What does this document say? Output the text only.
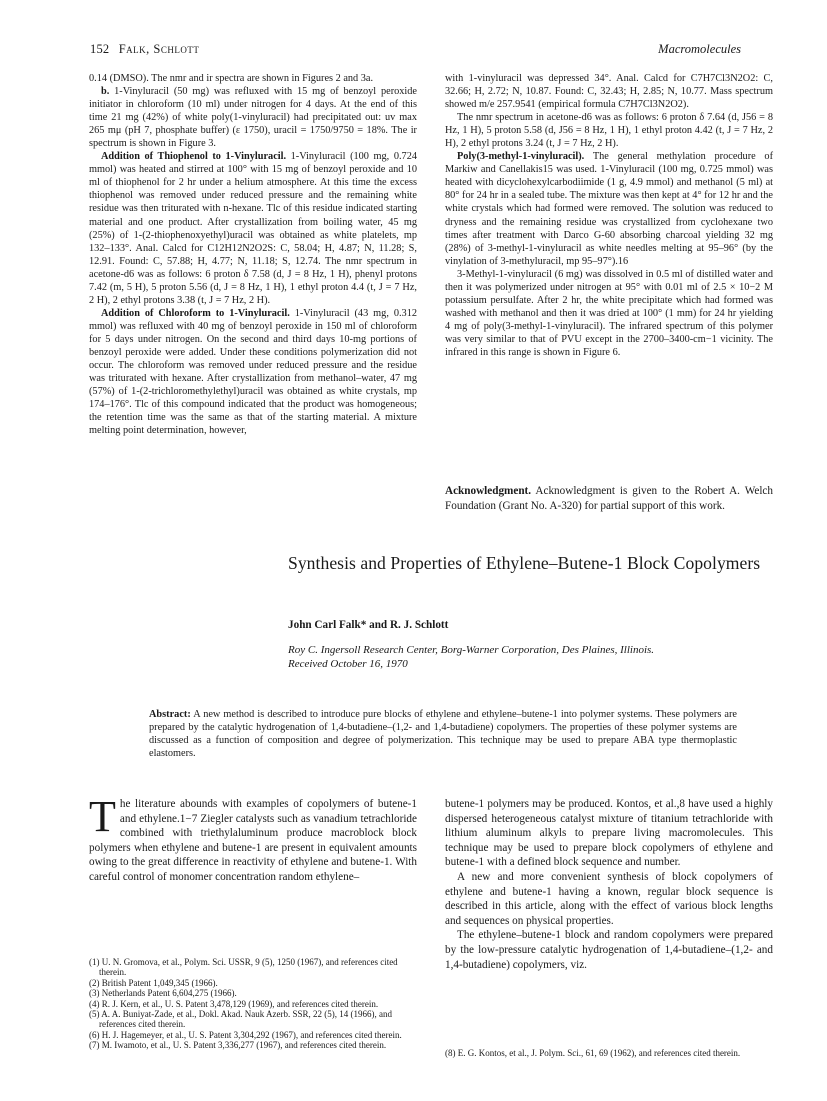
152 Falk, Schlott	Macromolecules

0.14 (DMSO). The nmr and ir spectra are shown in Figures 2 and 3a.

b. 1-Vinyluracil (50 mg) was refluxed with 15 mg of benzoyl peroxide initiator in chloroform (10 ml) under nitrogen for 4 days. At the end of this time 21 mg (42%) of white poly(1-vinyluracil) had precipitated out: uv max 265 mμ (pH 7, phosphate buffer) (ε 1750), uracil = 1750/9750 = 18%. The ir spectrum is shown in Figure 3.

Addition of Thiophenol to 1-Vinyluracil. 1-Vinyluracil (100 mg, 0.724 mmol) was heated and stirred at 100° with 15 mg of benzoyl peroxide and 10 ml of thiophenol for 2 hr under a helium atmosphere. At this time the excess thiophenol was removed under reduced pressure and the remaining white residue was then triturated with n-hexane. Tlc of this residue indicated starting material and one product. After crystallization from boiling water, 45 mg (25%) of 1-(2-thiophenoxyethyl)uracil was obtained as white platelets, mp 132–133°. Anal. Calcd for C12H12N2O2S: C, 58.04; H, 4.87; N, 11.28; S, 12.91. Found: C, 57.88; H, 4.77; N, 11.18; S, 12.74. The nmr spectrum in acetone-d6 was as follows: 6 proton δ 7.58 (d, J = 8 Hz, 1 H), phenyl protons 7.42 (m, 5 H), 5 proton 5.56 (d, J = 8 Hz, 1 H), 1 ethyl proton 4.4 (t, J = 7 Hz, 2 H), 2 ethyl protons 3.38 (t, J = 7 Hz, 2 H).

Addition of Chloroform to 1-Vinyluracil. 1-Vinyluracil (43 mg, 0.312 mmol) was refluxed with 40 mg of benzoyl peroxide in 150 ml of chloroform for 5 days under nitrogen. On the second and third days 10-mg portions of benzoyl peroxide were added. Under these conditions polymerization did not occur. The chloroform was removed under reduced pressure and the residue was triturated with hexane. After crystallization from methanol–water, 47 mg (57%) of 1-(2-trichloromethylethyl)uracil was obtained as white crystals, mp 174–176°. Tlc of this compound indicated that the product was homogeneous; the retention time was the same as that of the starting material. A mixture melting point determination, however,

with 1-vinyluracil was depressed 34°. Anal. Calcd for C7H7Cl3N2O2: C, 32.66; H, 2.72; N, 10.87. Found: C, 32.43; H, 2.85; N, 10.77. Mass spectrum showed m/e 257.9541 (empirical formula C7H7Cl3N2O2).

The nmr spectrum in acetone-d6 was as follows: 6 proton δ 7.64 (d, J56 = 8 Hz, 1 H), 5 proton 5.58 (d, J56 = 8 Hz, 1 H), 1 ethyl proton 4.42 (t, J = 7 Hz, 2 H), 2 ethyl protons 3.24 (t, J = 7 Hz, 2 H).

Poly(3-methyl-1-vinyluracil). The general methylation procedure of Markiw and Canellakis15 was used. 1-Vinyluracil (100 mg, 0.725 mmol) was heated with dicyclohexylcarbodiimide (1 g, 4.9 mmol) and methanol (5 ml) at 80° for 24 hr in a sealed tube. The mixture was then kept at 4° for 12 hr and the white crystals which had formed were removed. The solution was reduced to dryness and the remaining residue was crystallized from cyclohexane two times after treatment with Darco G-60 absorbing charcoal yielding 32 mg (28%) of 3-methyl-1-vinyluracil as white needles melting at 95–96° (by the vinylation of 3-methyluracil, mp 95–97°).16

3-Methyl-1-vinyluracil (6 mg) was dissolved in 0.5 ml of distilled water and then it was polymerized under nitrogen at 95° with 0.01 ml of 2.5 × 10−2 M potassium persulfate. After 2 hr, the white precipitate which had formed was washed with methanol and then it was dried at 100° (1 mm) for 24 hr yielding 4 mg of poly(3-methyl-1-vinyluracil). The infrared spectrum of this polymer was very similar to that of PVU except in the 2700–3400-cm−1 vicinity. The infrared in this range is shown in Figure 6.

Acknowledgment. Acknowledgment is given to the Robert A. Welch Foundation (Grant No. A-320) for partial support of this work.
Synthesis and Properties of Ethylene–Butene-1 Block Copolymers
John Carl Falk* and R. J. Schlott
Roy C. Ingersoll Research Center, Borg-Warner Corporation, Des Plaines, Illinois.
Received October 16, 1970
Abstract: A new method is described to introduce pure blocks of ethylene and ethylene–butene-1 into polymer systems. These polymers are prepared by the catalytic hydrogenation of 1,4-butadiene–(1,2- and 1,4-butadiene) copolymers. The properties of these polymer systems are discussed as a function of composition and degree of polymerization. This technique may be used to prepare ABA type thermoplastic elastomers.
The literature abounds with examples of copolymers of butene-1 and ethylene.1−7 Ziegler catalysts such as vanadium tetrachloride combined with triethylaluminum produce macroblock block polymers when ethylene and butene-1 are present in equivalent amounts owing to the great difference in reactivity of ethylene and butene-1. With careful control of monomer concentration random ethylene–

(1) U. N. Gromova, et al., Polym. Sci. USSR, 9 (5), 1250 (1967), and references cited therein.

(2) British Patent 1,049,345 (1966).

(3) Netherlands Patent 6,604,275 (1966).

(4) R. J. Kern, et al., U. S. Patent 3,478,129 (1969), and references cited therein.

(5) A. A. Buniyat-Zade, et al., Dokl. Akad. Nauk Azerb. SSR, 22 (5), 14 (1966), and references cited therein.

(6) H. J. Hagemeyer, et al., U. S. Patent 3,304,292 (1967), and references cited therein.

(7) M. Iwamoto, et al., U. S. Patent 3,336,277 (1967), and references cited therein.

butene-1 polymers may be produced. Kontos, et al.,8 have used a highly dispersed heterogeneous catalyst mixture of titanium tetrachloride with lithium aluminum alkyls to prepare living macromolecules. This technique may be used to prepare block copolymers of ethylene and butene-1 with a defined block sequence and number.

A new and more convenient synthesis of block copolymers of ethylene and butene-1 having a known, regular block sequence is described in this article, along with the effect of various block lengths and sequences on physical properties.

The ethylene–butene-1 block and random copolymers were prepared by the low-pressure catalytic hydrogenation of 1,4-butadiene–(1,2- and 1,4-butadiene) copolymers, viz.

(8) E. G. Kontos, et al., J. Polym. Sci., 61, 69 (1962), and references cited therein.
